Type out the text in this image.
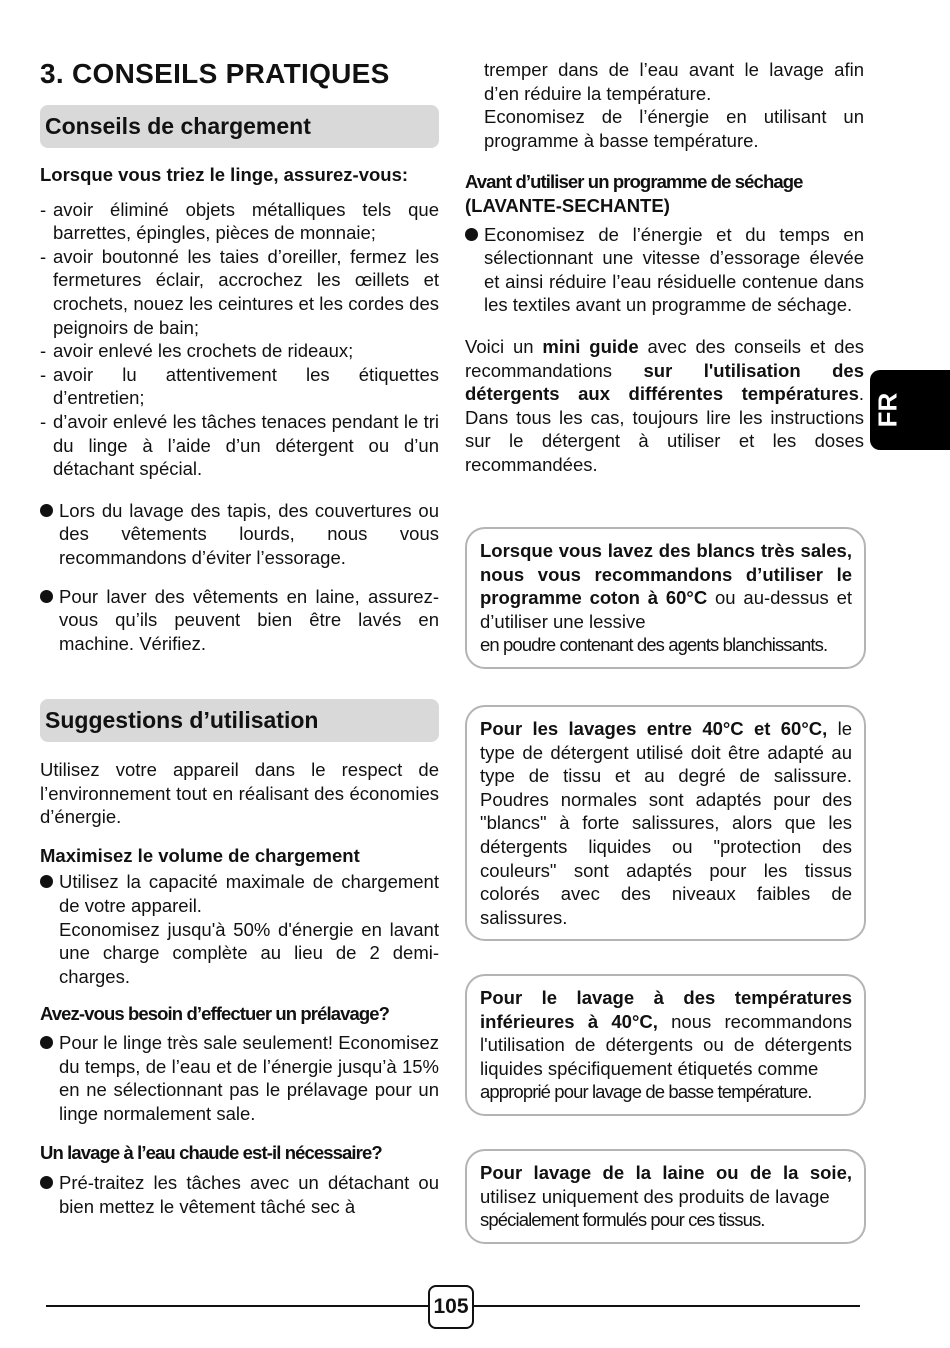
3. CONSEILS PRATIQUES
Conseils de chargement

Lorsque vous triez le linge, assurez-vous:

- avoir éliminé objets métalliques tels que barrettes, épingles, pièces de monnaie;

- avoir boutonné les taies d’oreiller, fermez les fermetures éclair, accrochez les œillets et crochets, nouez les ceintures et les cordes des peignoirs de bain;

- avoir enlevé les crochets de rideaux;

- avoir lu attentivement les étiquettes d’entretien;

- d’avoir enlevé les tâches tenaces pendant le tri du linge à l’aide d’un détergent ou d’un détachant spécial.

Lors du lavage des tapis, des couvertures ou des vêtements lourds, nous vous recommandons d’éviter l’essorage.

Pour laver des vêtements en laine, assurez-vous qu’ils peuvent bien être lavés en machine. Vérifiez.

Suggestions d’utilisation

Utilisez votre appareil dans le respect de l’environnement tout en réalisant des économies d’énergie.

Maximisez le volume de chargement

Utilisez la capacité maximale de chargement de votre appareil.

Economisez jusqu'à 50% d'énergie en lavant une charge complète au lieu de 2 demi-charges.

Avez-vous besoin d’effectuer un prélavage?

Pour le linge très sale seulement! Economisez du temps, de l’eau et de l’énergie jusqu’à 15% en ne sélectionnant pas le prélavage pour un linge normalement sale.

Un lavage à l’eau chaude est-il nécessaire?

Pré-traitez les tâches avec un détachant ou bien mettez le vêtement tâché sec à

tremper dans de l’eau avant le lavage afin d’en réduire la température.

Economisez de l’énergie en utilisant un programme à basse température.

Avant d’utiliser un programme de séchage

(LAVANTE-SECHANTE)

Economisez de l’énergie et du temps en sélectionnant une vitesse d’essorage élevée et ainsi réduire l’eau résiduelle contenue dans les textiles avant un programme de séchage.

Voici un mini guide avec des conseils et des recommandations sur l'utilisation des détergents aux différentes températures. Dans tous les cas, toujours lire les instructions sur le détergent à utiliser et les doses recommandées.

Lorsque vous lavez des blancs très sales, nous vous recommandons d’utiliser le programme coton à 60°C ou au-dessus et d’utiliser une lessive

en poudre contenant des agents blanchissants.

Pour les lavages entre 40°C et 60°C, le type de détergent utilisé doit être adapté au type de tissu et au degré de salissure. Poudres normales sont adaptés pour des "blancs" à forte salissures, alors que les détergents liquides ou "protection des couleurs" sont adaptés pour les tissus colorés avec des niveaux faibles de salissures.

Pour le lavage à des températures inférieures à 40°C, nous recommandons l'utilisation de détergents ou de détergents liquides spécifiquement étiquetés comme

approprié pour lavage de basse température.

Pour lavage de la laine ou de la soie, utilisez uniquement des produits de lavage

spécialement formulés pour ces tissus.

FR
105
